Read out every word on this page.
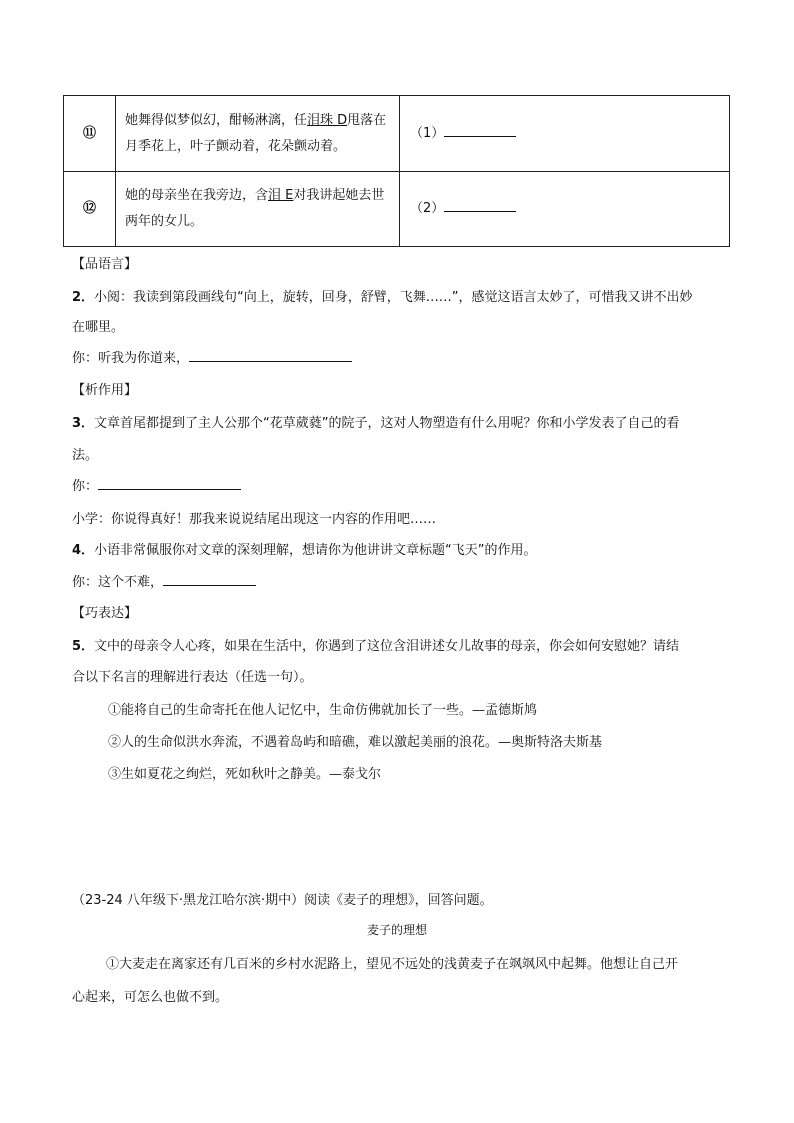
⑪	她舞得似梦似幻，酣畅淋漓，任泪珠 D甩落在月季花上，叶子颤动着，花朵颤动着。	（1）
⑫	她的母亲坐在我旁边，含泪 E对我讲起她去世两年的女儿。	（2）
【品语言】
2．小阅：我读到第段画线句“向上，旋转，回身，舒臂，飞舞……”，感觉这语言太妙了，可惜我又讲不出妙
在哪里。
你：听我为你道来，
【析作用】
3．文章首尾都提到了主人公那个“花草葳蕤”的院子，这对人物塑造有什么用呢？你和小学发表了自己的看
法。
你：
小学：你说得真好！那我来说说结尾出现这一内容的作用吧……
4．小语非常佩服你对文章的深刻理解，想请你为他讲讲文章标题“飞天”的作用。
你：这个不难，
【巧表达】
5．文中的母亲令人心疼，如果在生活中，你遇到了这位含泪讲述女儿故事的母亲，你会如何安慰她？请结
合以下名言的理解进行表达（任选一句）。
①能将自己的生命寄托在他人记忆中，生命仿佛就加长了一些。—孟德斯鸠
②人的生命似洪水奔流，不遇着岛屿和暗礁，难以激起美丽的浪花。—奥斯特洛夫斯基
③生如夏花之绚烂，死如秋叶之静美。—泰戈尔
（23-24 八年级下·黑龙江哈尔滨·期中）阅读《麦子的理想》，回答问题。
麦子的理想
①大麦走在离家还有几百米的乡村水泥路上，望见不远处的浅黄麦子在飒飒风中起舞。他想让自己开
心起来，可怎么也做不到。
